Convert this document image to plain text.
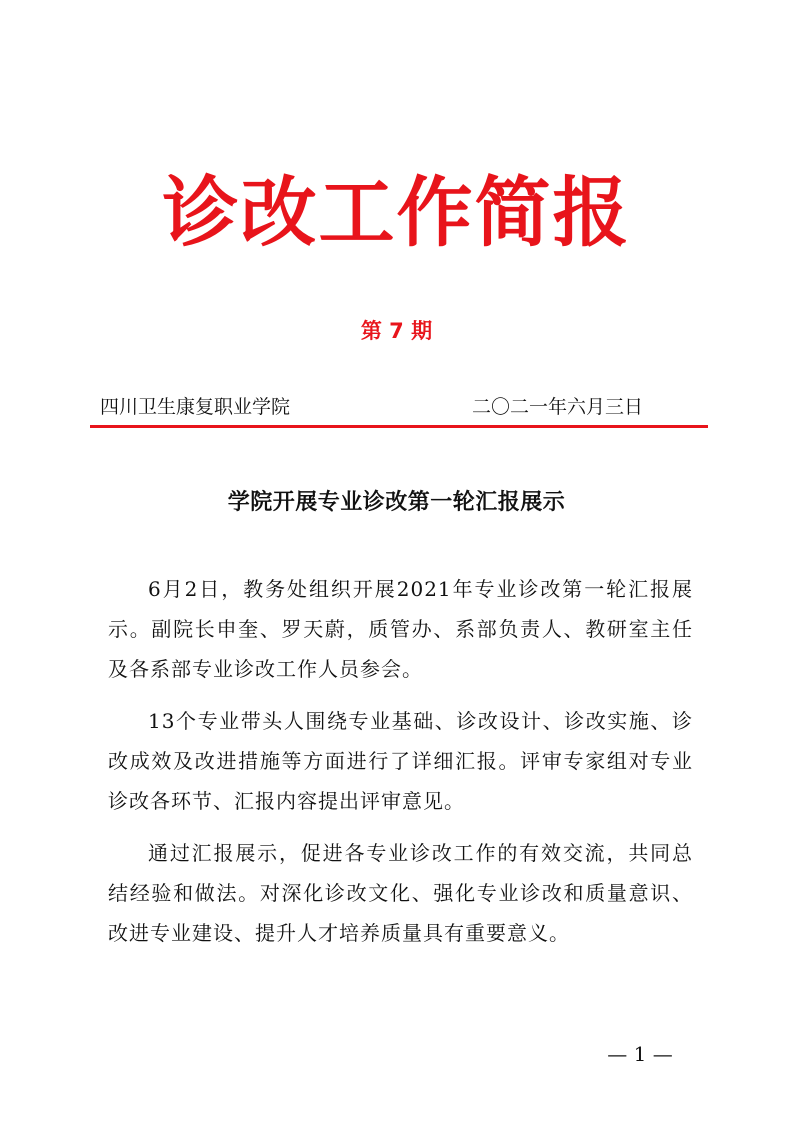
诊改工作简报
第 7 期
四川卫生康复职业学院	二〇二一年六月三日
学院开展专业诊改第一轮汇报展示

6月2日，教务处组织开展2021年专业诊改第一轮汇报展示。副院长申奎、罗天蔚，质管办、系部负责人、教研室主任及各系部专业诊改工作人员参会。

13个专业带头人围绕专业基础、诊改设计、诊改实施、诊改成效及改进措施等方面进行了详细汇报。评审专家组对专业诊改各环节、汇报内容提出评审意见。

通过汇报展示，促进各专业诊改工作的有效交流，共同总结经验和做法。对深化诊改文化、强化专业诊改和质量意识、改进专业建设、提升人才培养质量具有重要意义。

— 1 —
